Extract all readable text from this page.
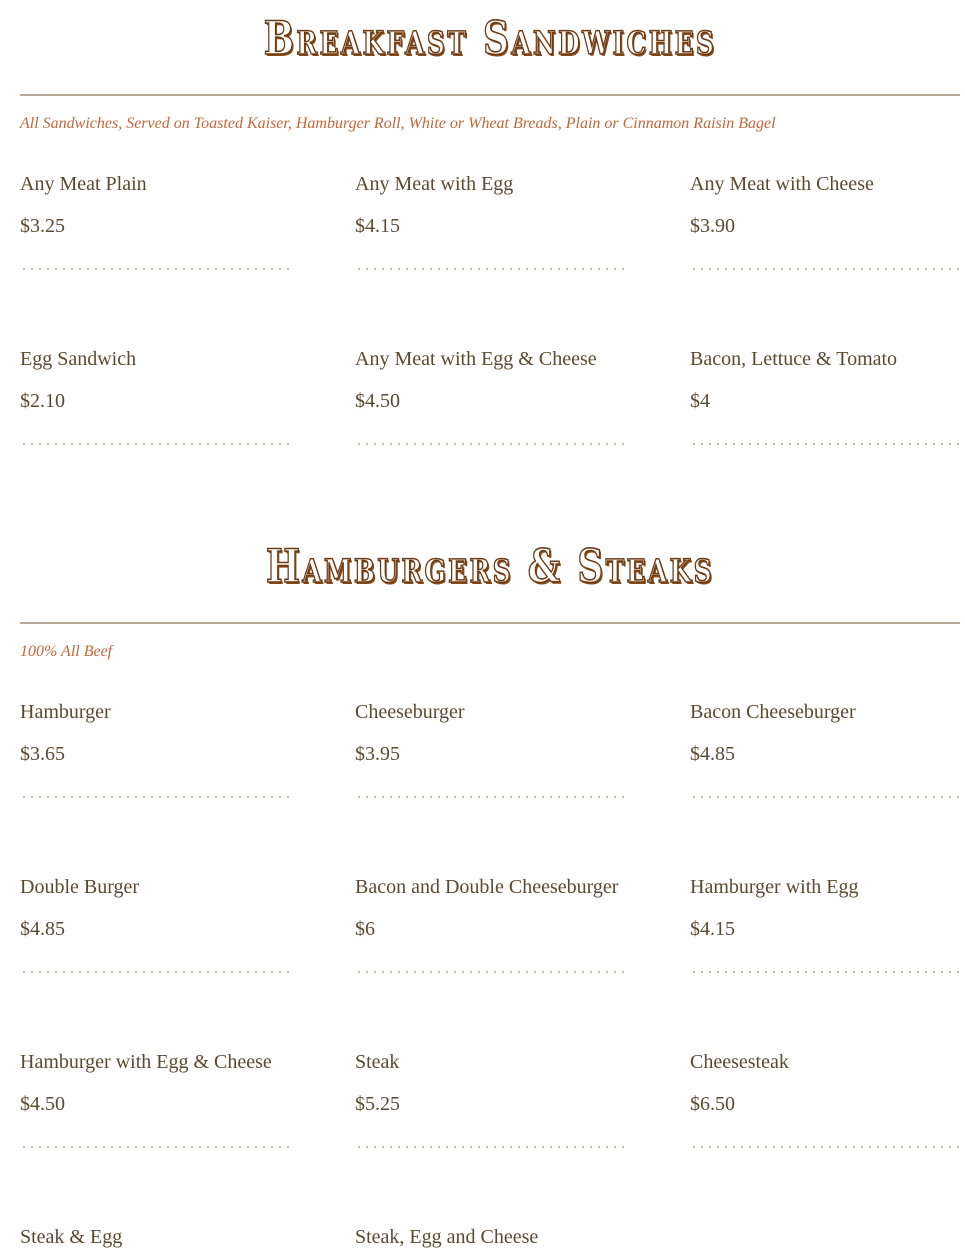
Breakfast Sandwiches
All Sandwiches, Served on Toasted Kaiser, Hamburger Roll, White or Wheat Breads, Plain or Cinnamon Raisin Bagel
Any Meat Plain
$3.25
Any Meat with Egg
$4.15
Any Meat with Cheese
$3.90
Egg Sandwich
$2.10
Any Meat with Egg & Cheese
$4.50
Bacon, Lettuce & Tomato
$4
Hamburgers & Steaks
100% All Beef
Hamburger
$3.65
Cheeseburger
$3.95
Bacon Cheeseburger
$4.85
Double Burger
$4.85
Bacon and Double Cheeseburger
$6
Hamburger with Egg
$4.15
Hamburger with Egg & Cheese
$4.50
Steak
$5.25
Cheesesteak
$6.50
Steak & Egg	Steak, Egg and Cheese
